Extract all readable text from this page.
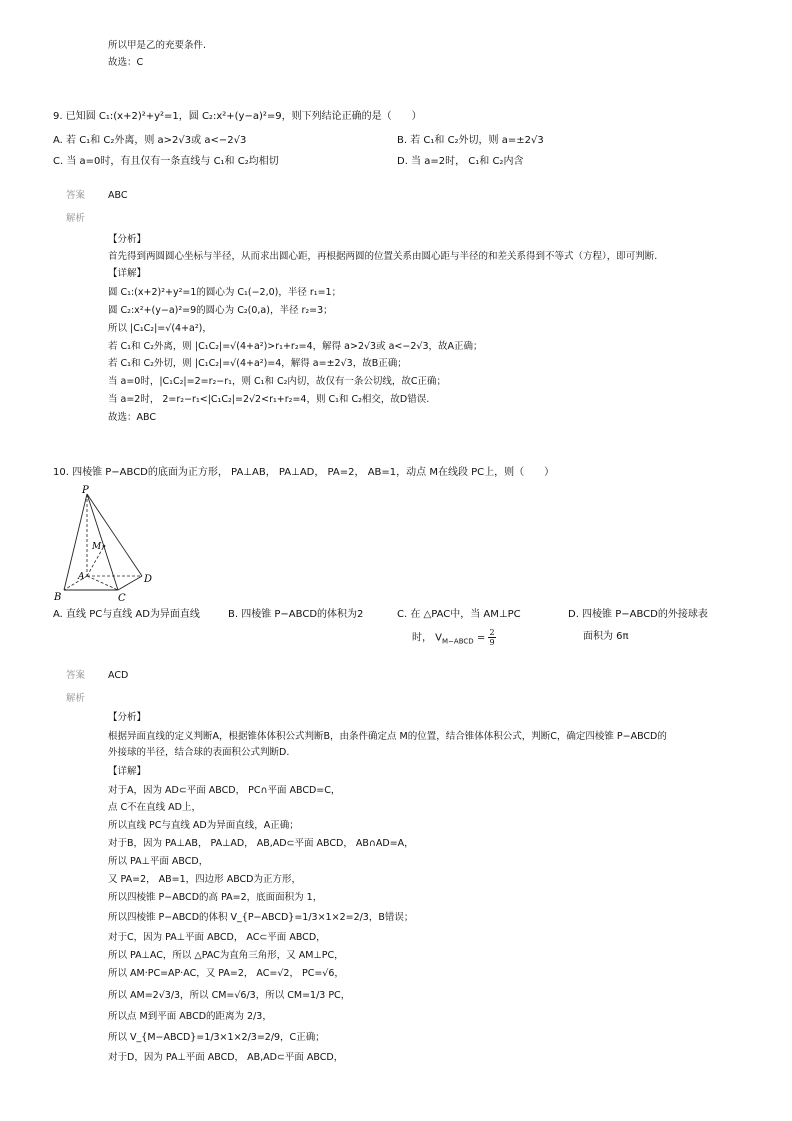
所以甲是乙的充要条件.
故选：C
9. 已知圆 C₁:(x+2)²+y²=1，圆 C₂:x²+(y−a)²=9，则下列结论正确的是（　　）
A. 若 C₁和 C₂外离，则 a>2√3或 a<−2√3	B. 若 C₁和 C₂外切，则 a=±2√3
C. 当 a=0时，有且仅有一条直线与 C₁和 C₂均相切	D. 当 a=2时， C₁和 C₂内含
答案 ABC
解析
【分析】
首先得到两圆圆心坐标与半径，从而求出圆心距，再根据两圆的位置关系由圆心距与半径的和差关系得到不等式（方程），即可判断.
【详解】
圆 C₁:(x+2)²+y²=1的圆心为 C₁(−2,0)，半径 r₁=1；
圆 C₂:x²+(y−a)²=9的圆心为 C₂(0,a)，半径 r₂=3；
所以 |C₁C₂|=√(4+a²)，
若 C₁和 C₂外离，则 |C₁C₂|=√(4+a²)>r₁+r₂=4，解得 a>2√3或 a<−2√3，故A正确；
若 C₁和 C₂外切，则 |C₁C₂|=√(4+a²)=4，解得 a=±2√3，故B正确；
当 a=0时，|C₁C₂|=2=r₂−r₁，则 C₁和 C₂内切，故仅有一条公切线，故C正确；
当 a=2时， 2=r₂−r₁<|C₁C₂|=2√2<r₁+r₂=4，则 C₁和 C₂相交，故D错误.
故选：ABC
10. 四棱锥 P−ABCD的底面为正方形， PA⊥AB， PA⊥AD， PA=2， AB=1，动点 M在线段 PC上，则（　　）
P
M
A
B	C
D
A. 直线 PC与直线 AD为异面直线	B. 四棱锥 P−ABCD的体积为2	C. 在 △PAC中，当 AM⊥PC
时， $V_{M-ABCD} = \frac{2}{9}$
D. 四棱锥 P−ABCD的外接球表
面积为 6π
答案 ACD
解析
【分析】
根据异面直线的定义判断A，根据锥体体积公式判断B，由条件确定点 M的位置，结合锥体体积公式，判断C，确定四棱锥 P−ABCD的
外接球的半径，结合球的表面积公式判断D.
【详解】
对于A，因为 AD⊂平面 ABCD， PC∩平面 ABCD=C，
点 C不在直线 AD上，
所以直线 PC与直线 AD为异面直线，A正确；
对于B，因为 PA⊥AB， PA⊥AD， AB,AD⊂平面 ABCD， AB∩AD=A，
所以 PA⊥平面 ABCD，
又 PA=2， AB=1，四边形 ABCD为正方形，
所以四棱锥 P−ABCD的高 PA=2，底面面积为 1，
所以四棱锥 P−ABCD的体积 V_{P−ABCD}=1/3×1×2=2/3，B错误；
对于C，因为 PA⊥平面 ABCD， AC⊂平面 ABCD，
所以 PA⊥AC，所以 △PAC为直角三角形，又 AM⊥PC，
所以 AM·PC=AP·AC，又 PA=2， AC=√2， PC=√6，
所以 AM=2√3/3，所以 CM=√6/3，所以 CM=1/3 PC，
所以点 M到平面 ABCD的距离为 2/3，
所以 V_{M−ABCD}=1/3×1×2/3=2/9，C正确；
对于D，因为 PA⊥平面 ABCD， AB,AD⊂平面 ABCD，
